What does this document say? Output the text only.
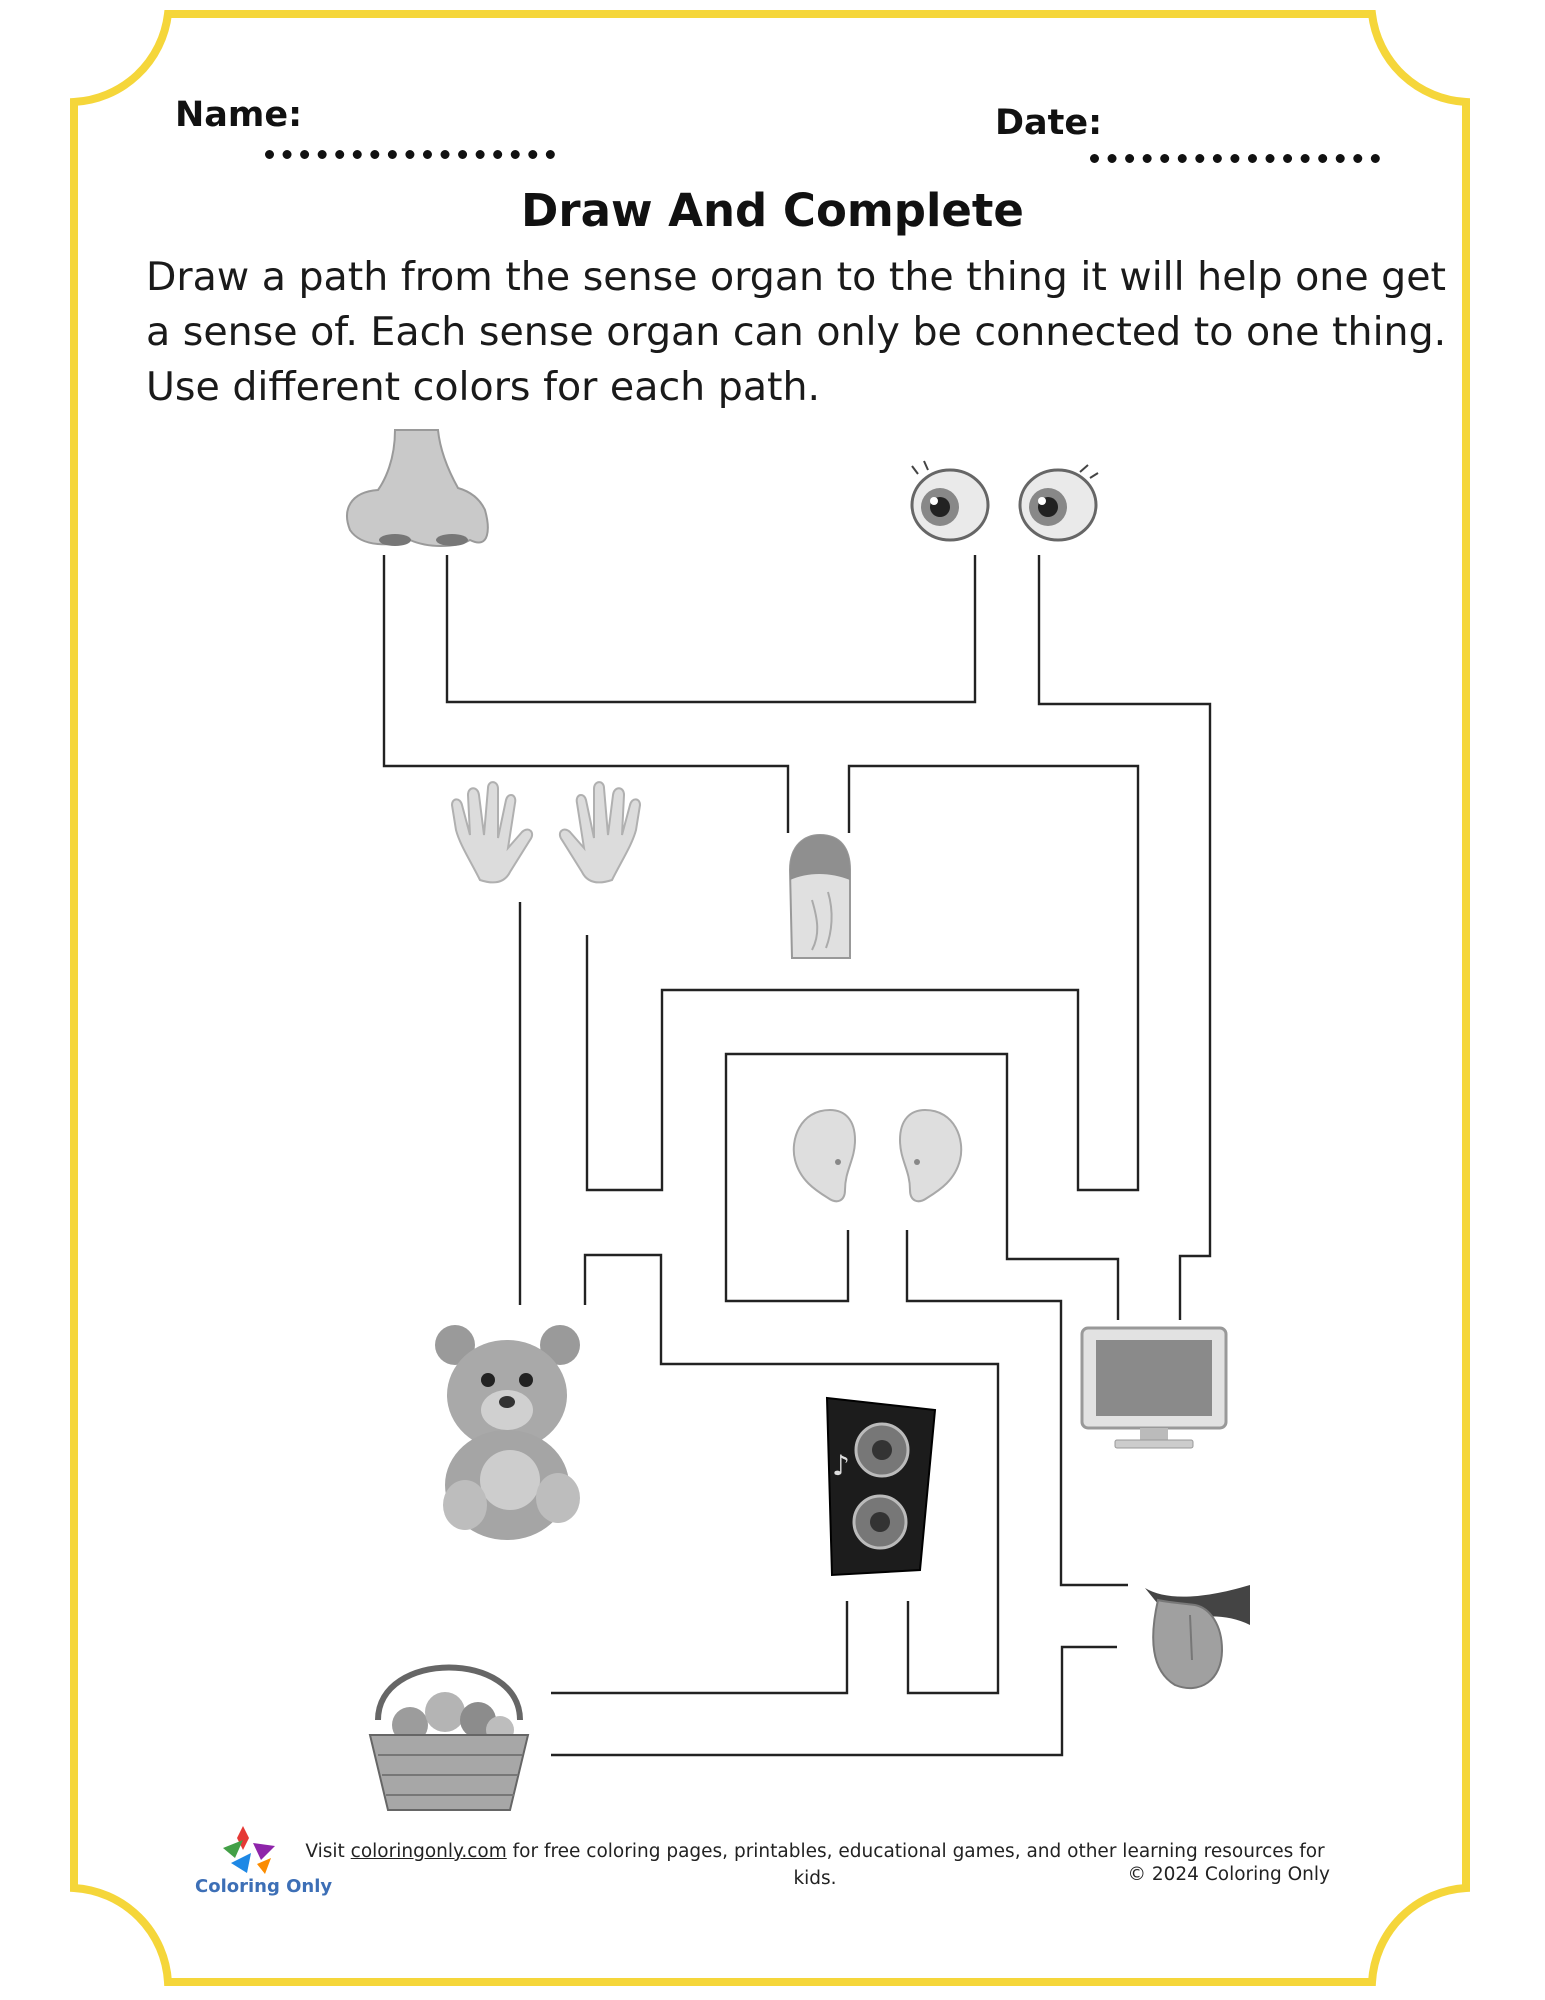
Name:	Date:
Draw And Complete
Draw a path from the sense organ to the thing it will help one get
a sense of. Each sense organ can only be connected to one thing.
Use different colors for each path.
♪
Coloring Only
Visit coloringonly.com for free coloring pages, printables, educational games, and other learning resources for kids.	© 2024 Coloring Only
